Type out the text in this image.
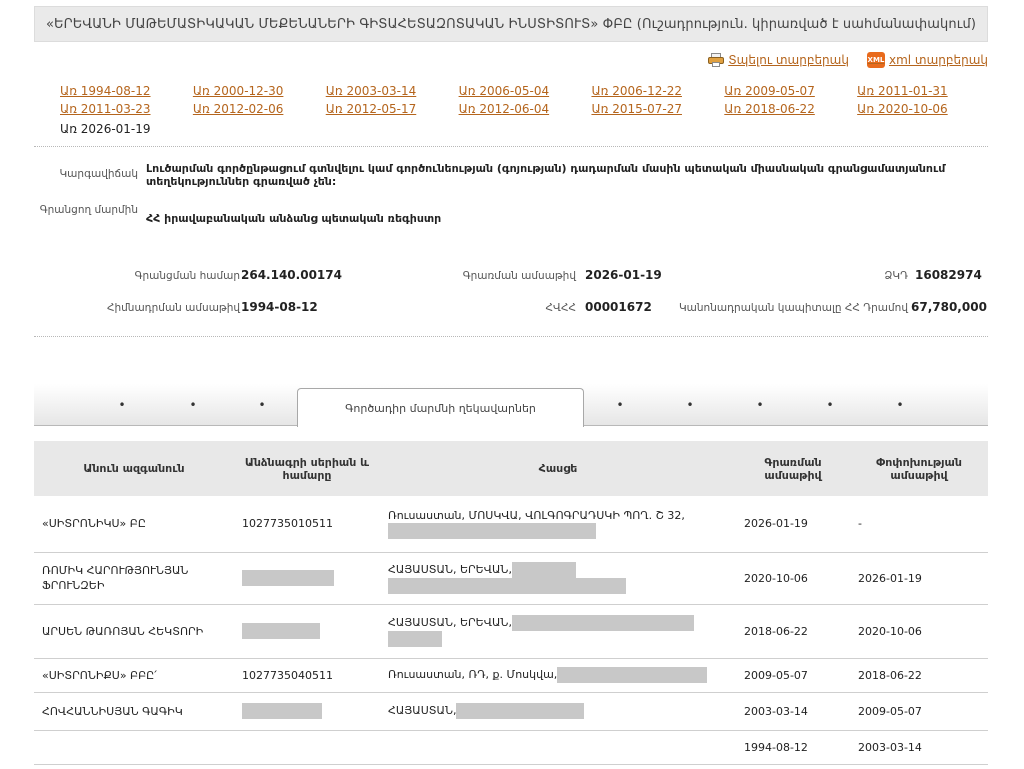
«ԵՐԵՎԱՆԻ ՄԱԹԵՄԱՏԻԿԱԿԱՆ ՄԵՔԵՆԱՆԵՐԻ ԳԻՏԱՀԵՏԱԶՈՏԱԿԱՆ ԻՆՍՏԻՏՈՒՏ» ՓԲԸ (Ուշադրություն. կիրառված է սահմանափակում)
Տպելու տարբերակ	XML xml տարբերակ
Առ 1994-08-12	Առ 2000-12-30	Առ 2003-03-14	Առ 2006-05-04	Առ 2006-12-22	Առ 2009-05-07	Առ 2011-01-31
Առ 2011-03-23	Առ 2012-02-06	Առ 2012-05-17	Առ 2012-06-04	Առ 2015-07-27	Առ 2018-06-22	Առ 2020-10-06
Առ 2026-01-19
Կարգավիճակ Լուծարման գործընթացում գտնվելու կամ գործունեության (գոյության) դադարման մասին պետական միասնական գրանցամատյանում տեղեկություններ գրառված չեն:
Գրանցող մարմին
ՀՀ իրավաբանական անձանց պետական ռեգիստր
Գրանցման համար 264.140.00174	Գրառման ամսաթիվ 2026-01-19	ՁԿԴ 16082974
Հիմնադրման ամսաթիվ 1994-08-12	ՀՎՀՀ 00001672	Կանոնադրական կապիտալը ՀՀ Դրամով 67,780,000
•	•	•	Գործադիր մարմնի ղեկավարներ	•	•	•	•	•
Անուն ազգանուն	Անձնագրի սերիան և համարը	Հասցե	Գրառման ամսաթիվ	Փոփոխության ամսաթիվ
«ՍԻՏՐՈՆԻԿՍ» ԲԸ	1027735010511	Ռուսաստան, ՄՈՍԿՎԱ, ՎՈԼԳՈԳՐԱԴՍԿԻ ՊՈՂ. Շ 32,	2026-01-19	-
ՌՈՄԻԿ ՀԱՐՈՒԹՅՈՒՆՅԱՆ ՖՐՈՒՆԶԵԻ		ՀԱՅԱՍՏԱՆ, ԵՐԵՎԱՆ,	2020-10-06	2026-01-19
ԱՐՍԵՆ ԹԱՌՈՅԱՆ ՀԵԿՏՈՐԻ		ՀԱՅԱՍՏԱՆ, ԵՐԵՎԱՆ,	2018-06-22	2020-10-06
«ՍԻՏՐՈՆԻՔՍ» ԲԲԸ՛	1027735040511	Ռուսաստան, ՌԴ, ք. Մոսկվա,	2009-05-07	2018-06-22
ՀՈՎՀԱՆՆԻՍՅԱՆ ԳԱԳԻԿ		ՀԱՅԱՍՏԱՆ,	2003-03-14	2009-05-07
			1994-08-12	2003-03-14
